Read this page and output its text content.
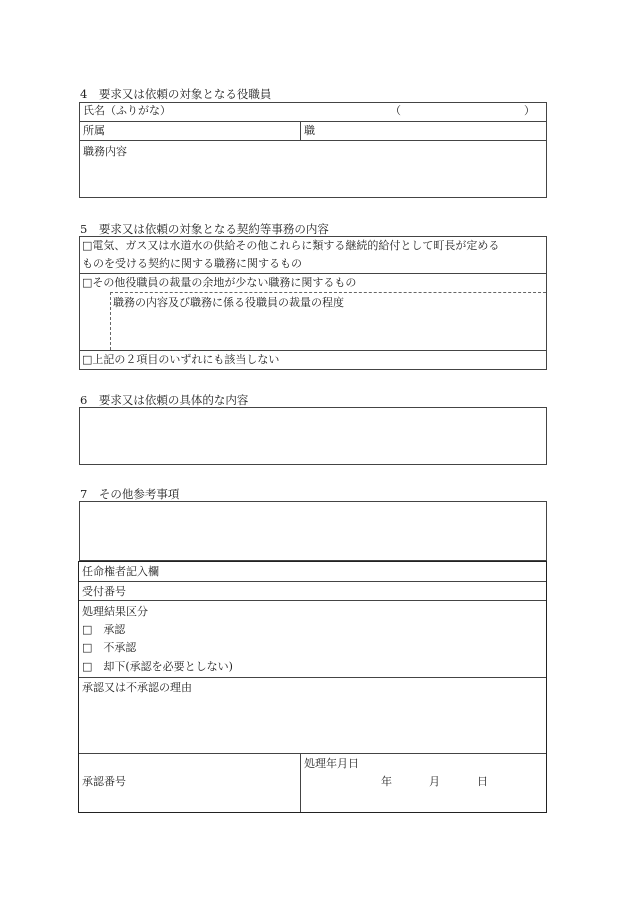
4　要求又は依頼の対象となる役職員
氏名（ふりがな）	（	）
所属	職
職務内容
5　要求又は依頼の対象となる契約等事務の内容
□電気、ガス又は水道水の供給その他これらに類する継続的給付として町長が定める
ものを受ける契約に関する職務に関するもの
□その他役職員の裁量の余地が少ない職務に関するもの
職務の内容及び職務に係る役職員の裁量の程度
□上記の２項目のいずれにも該当しない
6　要求又は依頼の具体的な内容
7　その他参考事項
任命権者記入欄
受付番号
処理結果区分
□　承認
□　不承認
□　却下(承認を必要としない)
承認又は不承認の理由
承認番号
処理年月日
年	月	日
